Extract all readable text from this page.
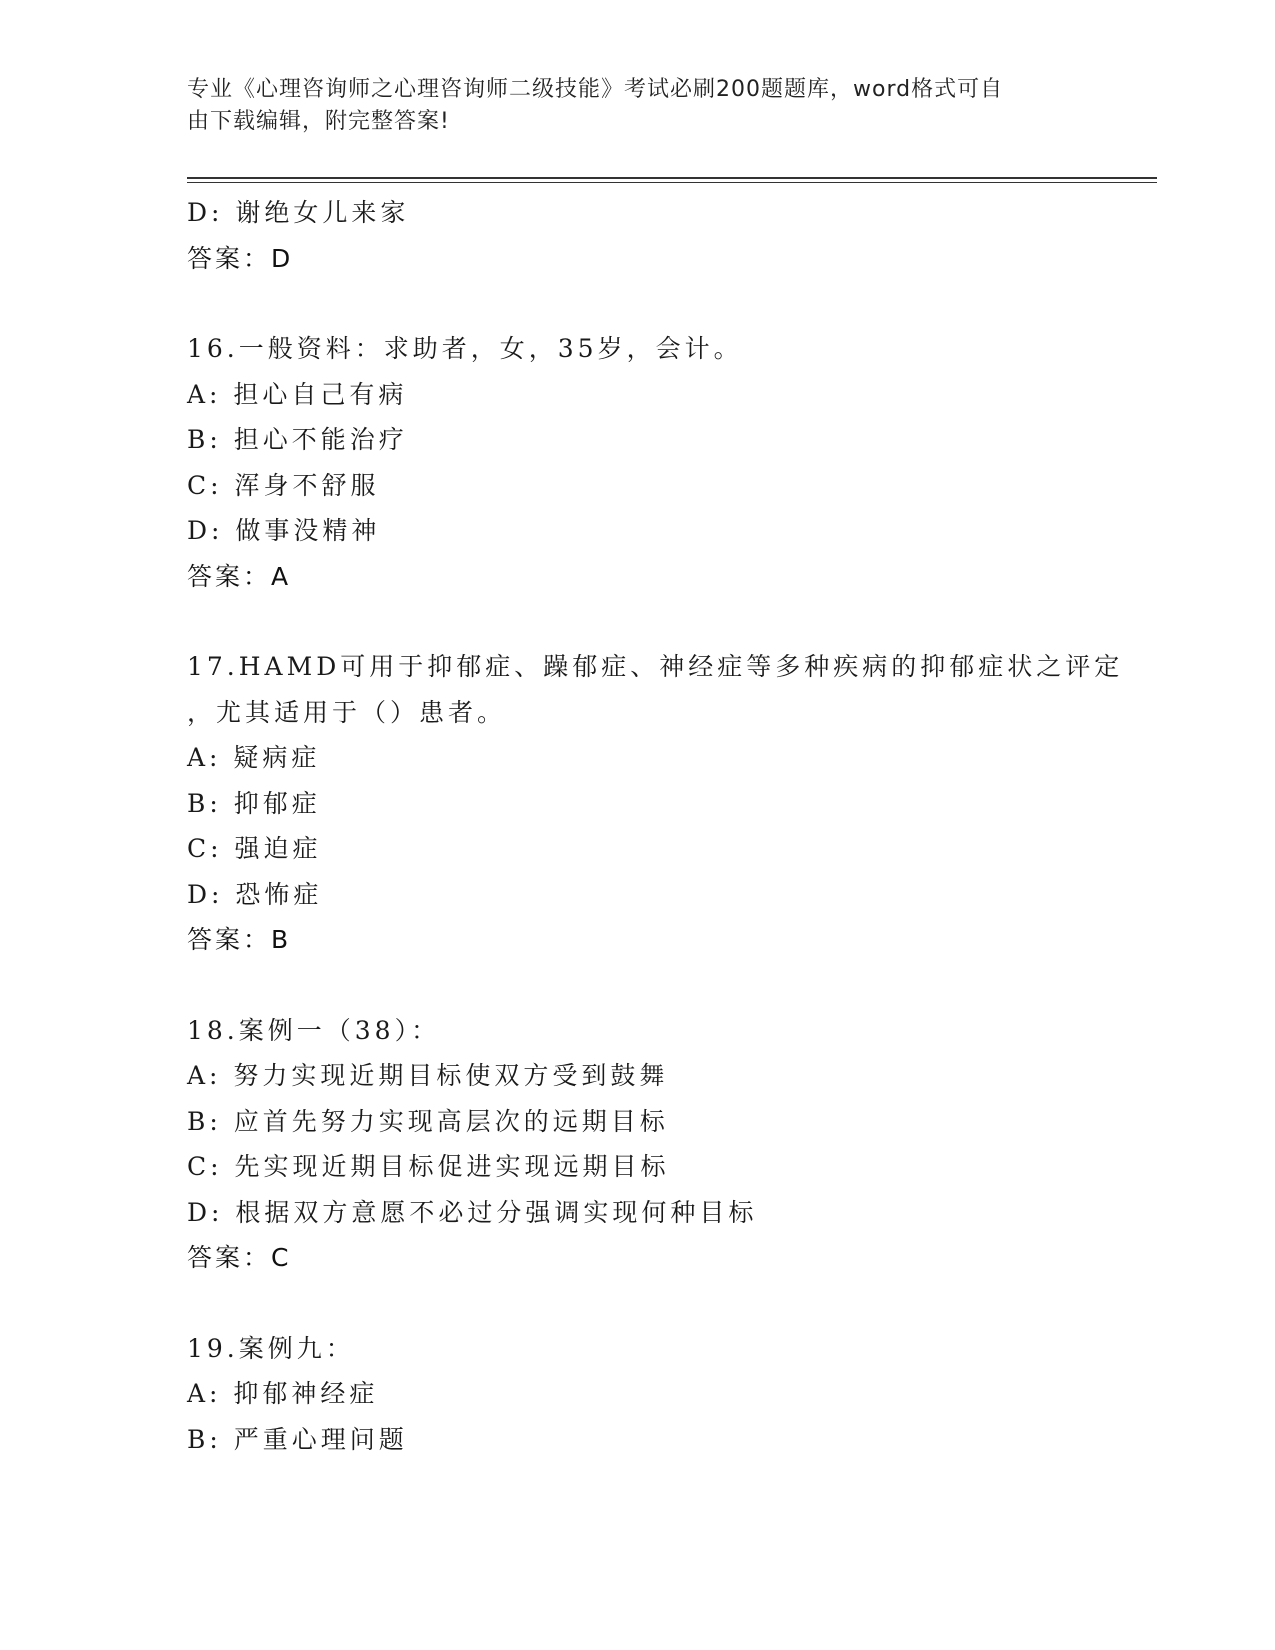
专业《心理咨询师之心理咨询师二级技能》考试必刷200题题库，word格式可自
由下载编辑，附完整答案!
D: 谢绝女儿来家
答案：D
16.一般资料：求助者，女，35岁，会计。
A: 担心自己有病
B: 担心不能治疗
C: 浑身不舒服
D: 做事没精神
答案：A
17.HAMD可用于抑郁症、躁郁症、神经症等多种疾病的抑郁症状之评定
，尤其适用于（）患者。
A: 疑病症
B: 抑郁症
C: 强迫症
D: 恐怖症
答案：B
18.案例一（38）：
A: 努力实现近期目标使双方受到鼓舞
B: 应首先努力实现高层次的远期目标
C: 先实现近期目标促进实现远期目标
D: 根据双方意愿不必过分强调实现何种目标
答案：C
19.案例九：
A: 抑郁神经症
B: 严重心理问题
